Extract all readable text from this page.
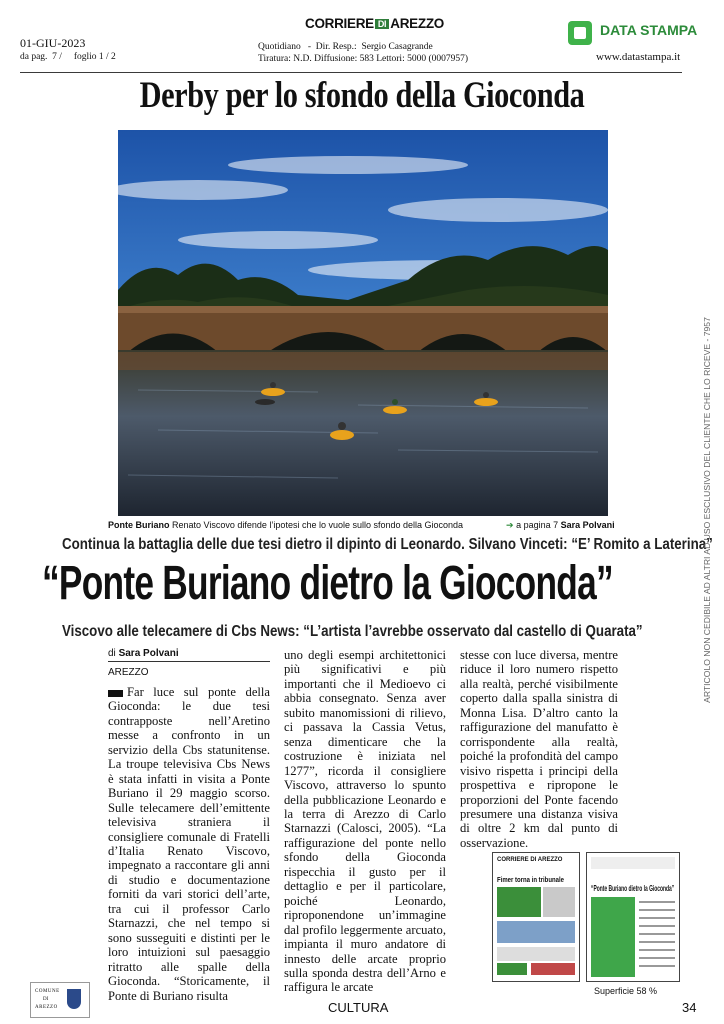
01-GIU-2023
da pag.  7 /     foglio 1 / 2
CORRIERE DI AREZZO
Quotidiano   -  Dir. Resp.:  Sergio Casagrande
Tiratura: N.D. Diffusione: 583 Lettori: 5000 (0007957)
DATA STAMPA
www.datastampa.it
Derby per lo sfondo della Gioconda
Ponte Buriano Renato Viscovo difende l’ipotesi che lo vuole sullo sfondo della Gioconda	➔ a pagina 7 Sara Polvani
Continua la battaglia delle due tesi dietro il dipinto di Leonardo. Silvano Vinceti: “E’ Romito a Laterina”
“Ponte Buriano dietro la Gioconda”
Viscovo alle telecamere di Cbs News: “L’artista l’avrebbe osservato dal castello di Quarata”
di Sara Polvani
AREZZO

Far luce sul ponte della Gioconda: le due tesi contrapposte nell’Aretino messe a confronto in un servizio della Cbs statunitense. La troupe televisiva Cbs News è stata infatti in visita a Ponte Buriano il 29 maggio scorso. Sulle telecamere dell’emittente televisiva straniera il consigliere comunale di Fratelli d’Italia Renato Viscovo, impegnato a raccontare gli anni di studio e documentazione forniti da vari storici dell’arte, tra cui il professor Carlo Starnazzi, che nel tempo si sono susseguiti e distinti per le loro intuizioni sul paesaggio ritratto alle spalle della Gioconda. “Storicamente, il Ponte di Buriano risulta

uno degli esempi architettonici più significativi e più importanti che il Medioevo ci abbia consegnato. Senza aver subito manomissioni di rilievo, ci passava la Cassia Vetus, senza dimenticare che la costruzione è iniziata nel 1277”, ricorda il consigliere Viscovo, attraverso lo spunto della pubblicazione Leonardo e la terra di Arezzo di Carlo Starnazzi (Calosci, 2005). “La raffigurazione del ponte nello sfondo della Gioconda rispecchia il gusto per il dettaglio e per il particolare, poiché Leonardo, riproponendone un’immagine dal profilo leggermente arcuato, impianta il muro andatore di innesto delle arcate proprio sulla sponda destra dell’Arno e raffigura le arcate

stesse con luce diversa, mentre riduce il loro numero rispetto alla realtà, perché visibilmente coperto dalla spalla sinistra di Monna Lisa. D’altro canto la raffigurazione del manufatto è corrispondente alla realtà, poiché la profondità del campo visivo rispetta i principi della prospettiva e ripropone le proporzioni del Ponte facendo presumere una distanza visiva di oltre 2 km dal punto di osservazione.

CORRIERE DI AREZZO
Fimer torna in tribunale
“Ponte Buriano dietro la Gioconda”
Superficie 58 %
COMUNE
DI
AREZZO	CULTURA	34
ARTICOLO NON CEDIBILE AD ALTRI AD USO ESCLUSIVO DEL CLIENTE CHE LO RICEVE - 7957
